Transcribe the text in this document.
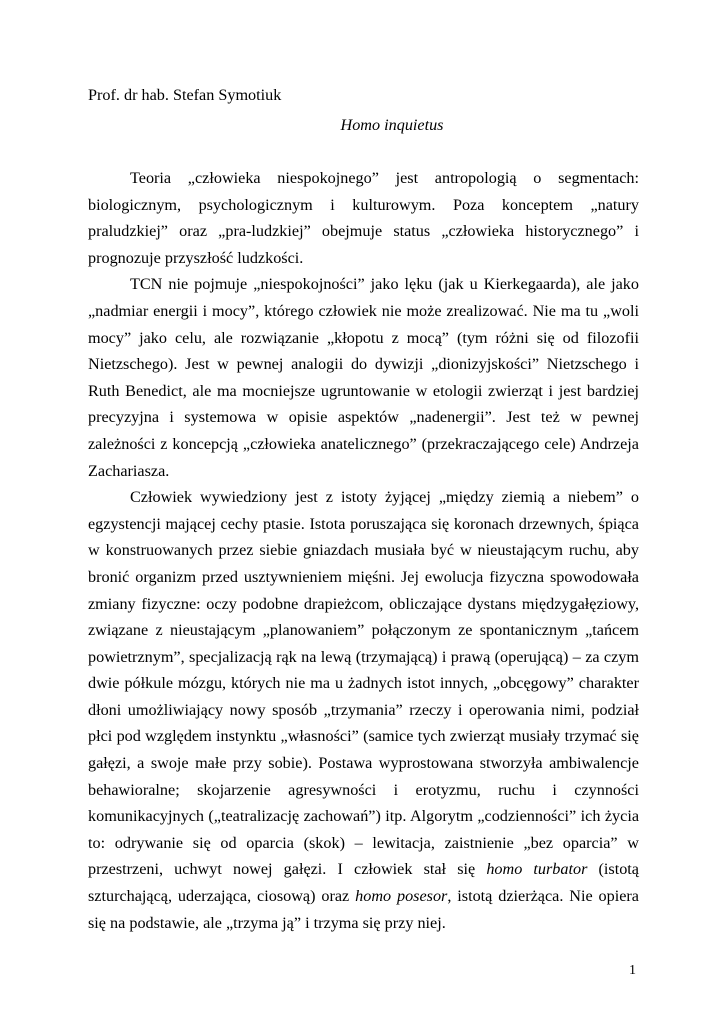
Prof. dr hab. Stefan Symotiuk
Homo inquietus

Teoria „człowieka niespokojnego” jest antropologią o segmentach: biologicznym, psychologicznym i kulturowym. Poza konceptem „natury praludzkiej” oraz „pra-ludzkiej” obejmuje status „człowieka historycznego” i prognozuje przyszłość ludzkości.

TCN nie pojmuje „niespokojności” jako lęku (jak u Kierkegaarda), ale jako „nadmiar energii i mocy”, którego człowiek nie może zrealizować. Nie ma tu „woli mocy” jako celu, ale rozwiązanie „kłopotu z mocą” (tym różni się od filozofii Nietzschego). Jest w pewnej analogii do dywizji „dionizyjskości” Nietzschego i Ruth Benedict, ale ma mocniejsze ugruntowanie w etologii zwierząt i jest bardziej precyzyjna i systemowa w opisie aspektów „nadenergii”. Jest też w pewnej zależności z koncepcją „człowieka anatelicznego” (przekraczającego cele) Andrzeja Zachariasza.

Człowiek wywiedziony jest z istoty żyjącej „między ziemią a niebem” o egzystencji mającej cechy ptasie. Istota poruszająca się koronach drzewnych, śpiąca w konstruowanych przez siebie gniazdach musiała być w nieustającym ruchu, aby bronić organizm przed usztywnieniem mięśni. Jej ewolucja fizyczna spowodowała zmiany fizyczne: oczy podobne drapieżcom, obliczające dystans międzygałęziowy, związane z nieustającym „planowaniem” połączonym ze spontanicznym „tańcem powietrznym”, specjalizacją rąk na lewą (trzymającą) i prawą (operującą) – za czym dwie półkule mózgu, których nie ma u żadnych istot innych, „obcęgowy” charakter dłoni umożliwiający nowy sposób „trzymania” rzeczy i operowania nimi, podział płci pod względem instynktu „własności” (samice tych zwierząt musiały trzymać się gałęzi, a swoje małe przy sobie). Postawa wyprostowana stworzyła ambiwalencje behawioralne; skojarzenie agresywności i erotyzmu, ruchu i czynności komunikacyjnych („teatralizację zachowań”) itp. Algorytm „codzienności” ich życia to: odrywanie się od oparcia (skok) – lewitacja, zaistnienie „bez oparcia” w przestrzeni, uchwyt nowej gałęzi. I człowiek stał się homo turbator (istotą szturchającą, uderzająca, ciosową) oraz homo posesor, istotą dzierżąca. Nie opiera się na podstawie, ale „trzyma ją” i trzyma się przy niej.

1
